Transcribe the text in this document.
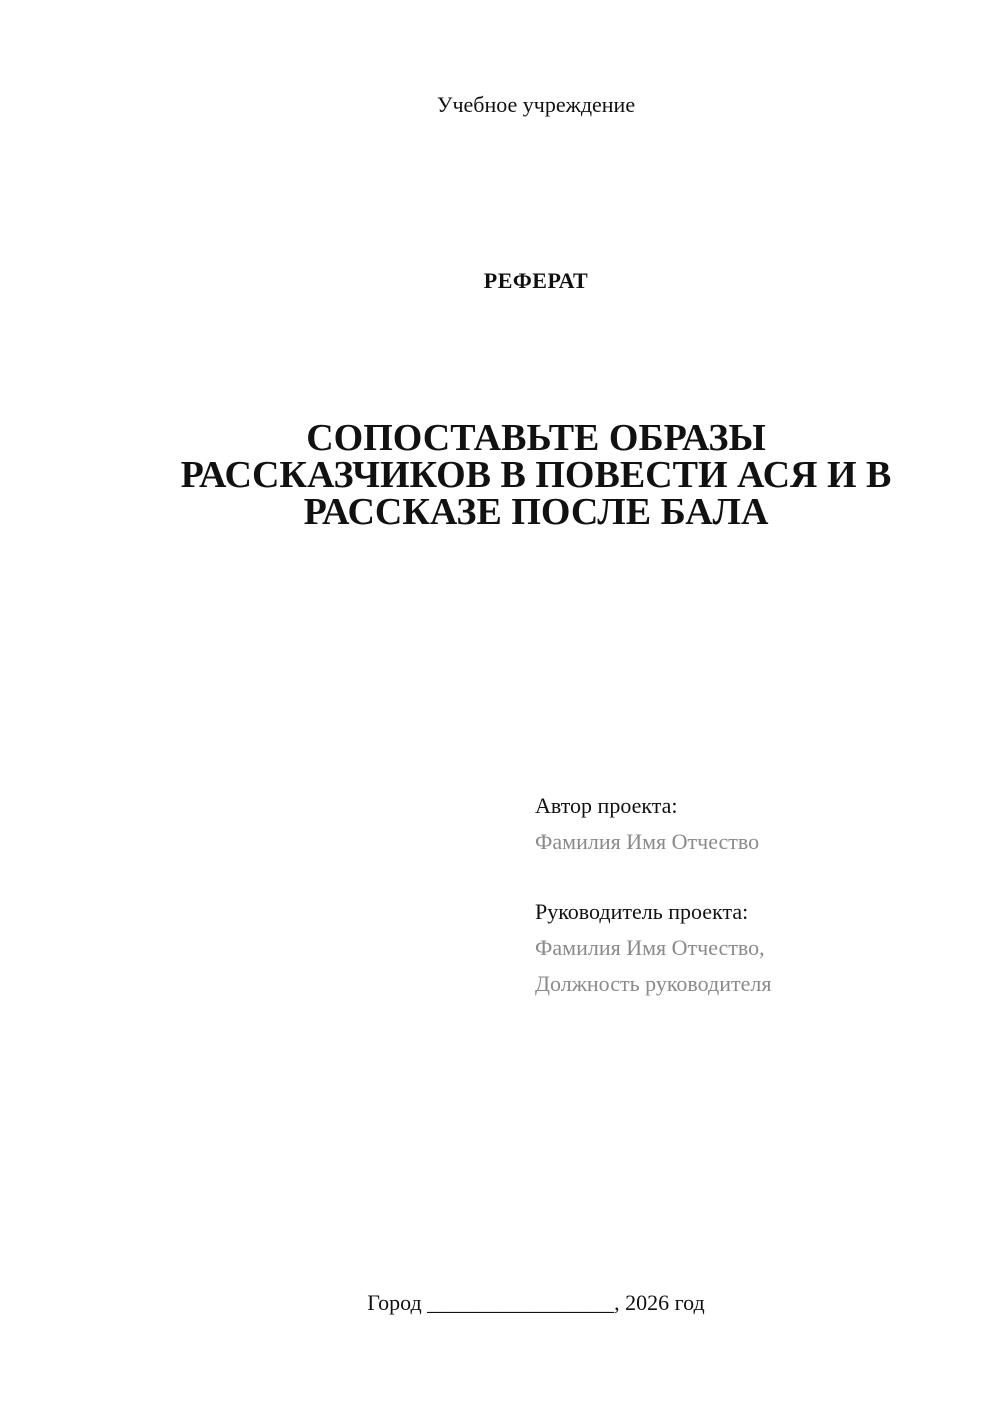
Учебное учреждение
РЕФЕРАТ
СОПОСТАВЬТЕ ОБРАЗЫ
РАССКАЗЧИКОВ В ПОВЕСТИ АСЯ И В
РАССКАЗЕ ПОСЛЕ БАЛА
Автор проекта:
Фамилия Имя Отчество
Руководитель проекта:
Фамилия Имя Отчество,
Должность руководителя
Город _________________, 2026 год
